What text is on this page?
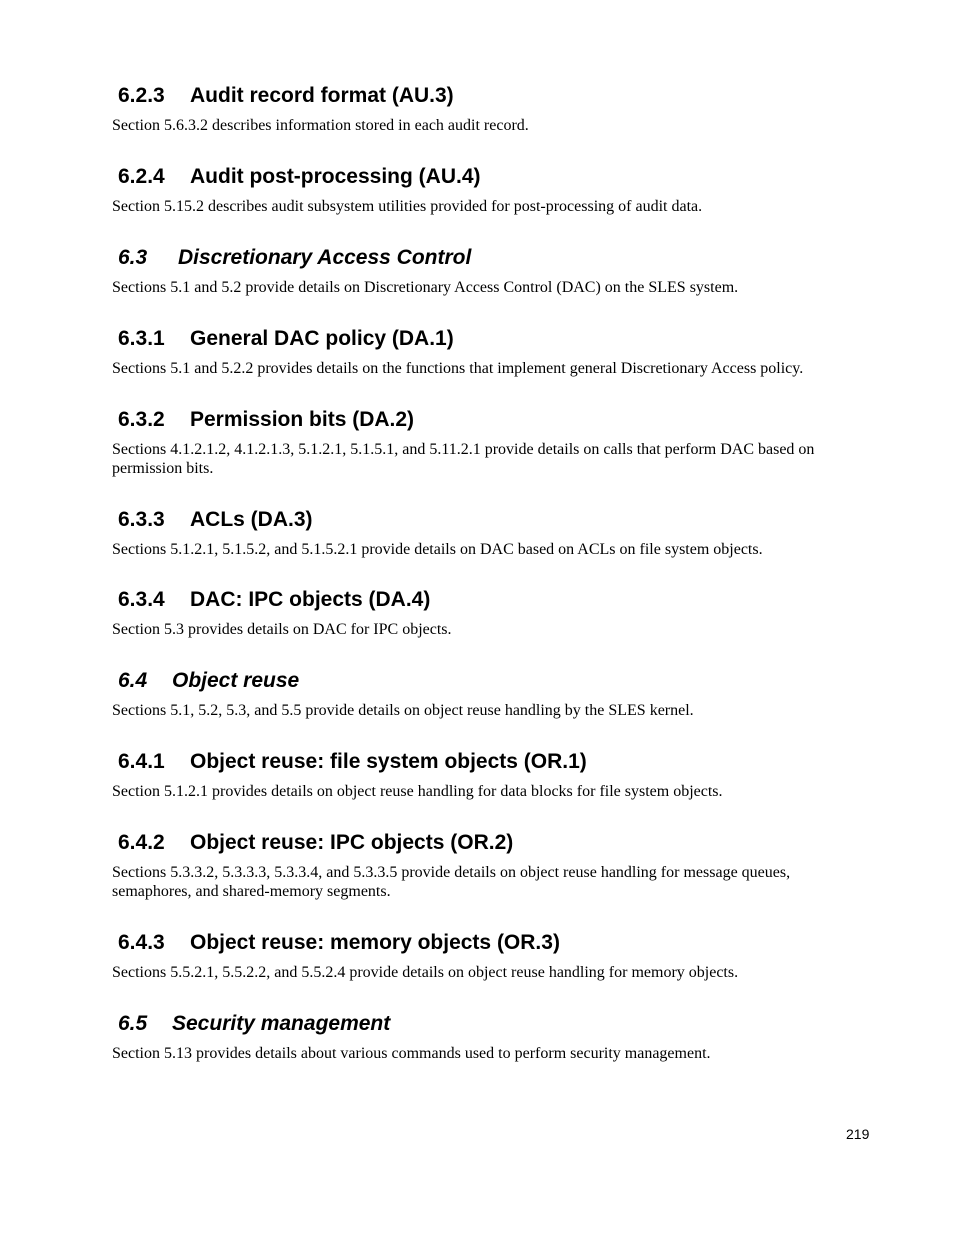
6.2.3 Audit record format (AU.3)

Section 5.6.3.2 describes information stored in each audit record.

6.2.4 Audit post-processing (AU.4)

Section 5.15.2 describes audit subsystem utilities provided for post-processing of audit data.

6.3 Discretionary Access Control

Sections 5.1 and 5.2 provide details on Discretionary Access Control (DAC) on the SLES system.

6.3.1 General DAC policy (DA.1)

Sections 5.1 and 5.2.2 provides details on the functions that implement general Discretionary Access policy.

6.3.2 Permission bits (DA.2)

Sections 4.1.2.1.2, 4.1.2.1.3, 5.1.2.1, 5.1.5.1, and 5.11.2.1 provide details on calls that perform DAC based on permission bits.

6.3.3 ACLs (DA.3)

Sections 5.1.2.1, 5.1.5.2, and 5.1.5.2.1 provide details on DAC based on ACLs on file system objects.

6.3.4 DAC: IPC objects (DA.4)

Section 5.3 provides details on DAC for IPC objects.

6.4 Object reuse

Sections 5.1, 5.2, 5.3, and 5.5 provide details on object reuse handling by the SLES kernel.

6.4.1 Object reuse: file system objects (OR.1)

Section 5.1.2.1 provides details on object reuse handling for data blocks for file system objects.

6.4.2 Object reuse: IPC objects (OR.2)

Sections 5.3.3.2, 5.3.3.3, 5.3.3.4, and 5.3.3.5 provide details on object reuse handling for message queues, semaphores, and shared-memory segments.

6.4.3 Object reuse: memory objects (OR.3)

Sections 5.5.2.1, 5.5.2.2, and 5.5.2.4 provide details on object reuse handling for memory objects.

6.5 Security management

Section 5.13 provides details about various commands used to perform security management.

219
